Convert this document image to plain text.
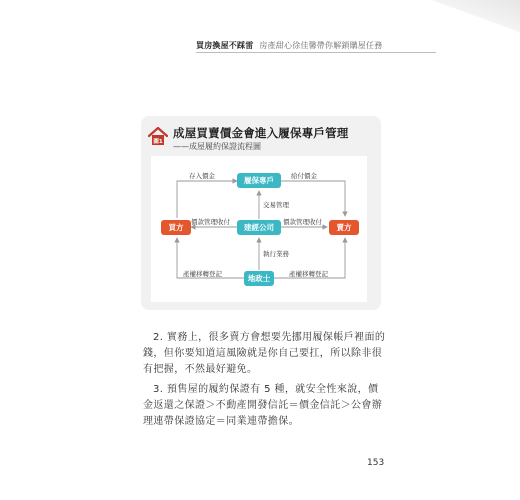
買房換屋不踩雷 房產甜心徐佳馨帶你解鎖購屋任務
圖1
成屋買賣價金會進入履保專戶管理
——成屋履約保證流程圖
履保專戶
買方	賣方
建經公司
地政士
存入價金	給付價金
交易管理
價款管理收付	價款管理收付
執行業務
產權移轉登記	產權移轉登記

2. 實務上，很多賣方會想要先挪用履保帳戶裡面的錢，但你要知道這風險就是你自己要扛，所以除非很有把握，不然最好避免。

3. 預售屋的履約保證有 5 種，就安全性來說，價金返還之保證＞不動產開發信託＝價金信託＞公會辦理連帶保證協定＝同業連帶擔保。

153
